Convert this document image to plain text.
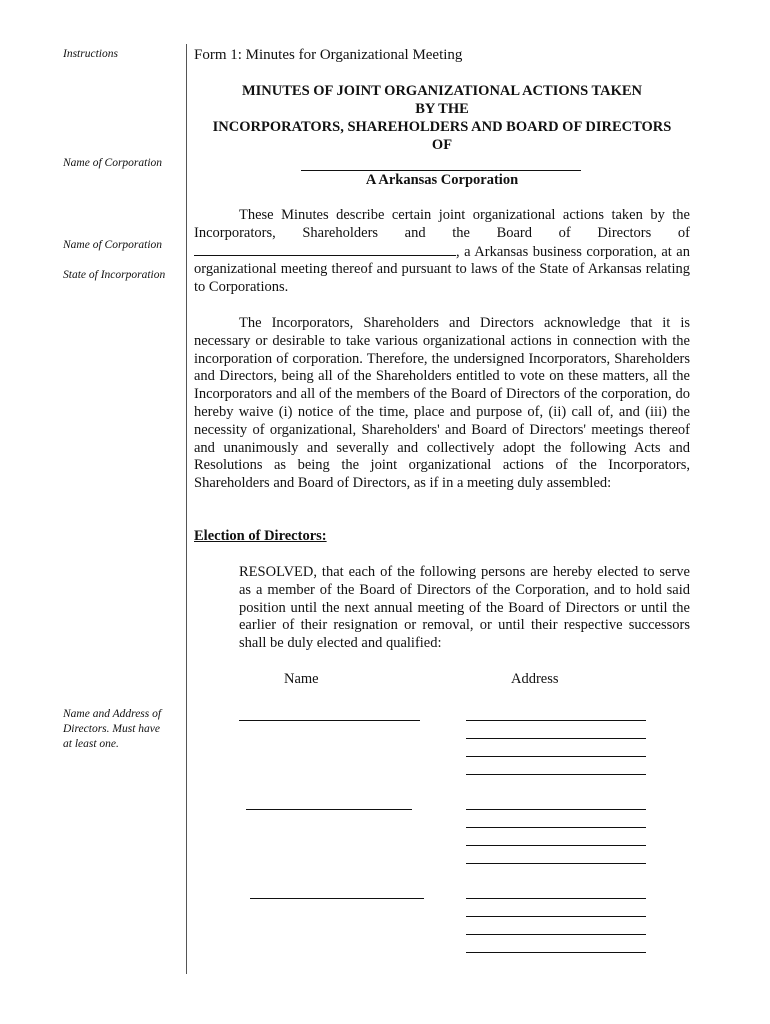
Instructions
Name of Corporation
Name of Corporation
State of Incorporation
Name and Address of
Directors. Must have
at least one.
Form 1: Minutes for Organizational Meeting
MINUTES OF JOINT ORGANIZATIONAL ACTIONS TAKEN
BY THE
INCORPORATORS, SHAREHOLDERS AND BOARD OF DIRECTORS
OF
A Arkansas Corporation
These Minutes describe certain joint organizational actions taken by the Incorporators, Shareholders and the Board of Directors of , a Arkansas business corporation, at an organizational meeting thereof and pursuant to laws of the State of Arkansas relating to Corporations.
The Incorporators, Shareholders and Directors acknowledge that it is necessary or desirable to take various organizational actions in connection with the incorporation of corporation. Therefore, the undersigned Incorporators, Shareholders and Directors, being all of the Shareholders entitled to vote on these matters, all the Incorporators and all of the members of the Board of Directors of the corporation, do hereby waive (i) notice of the time, place and purpose of, (ii) call of, and (iii) the necessity of organizational, Shareholders' and Board of Directors' meetings thereof and unanimously and severally and collectively adopt the following Acts and Resolutions as being the joint organizational actions of the Incorporators, Shareholders and Board of Directors, as if in a meeting duly assembled:
Election of Directors:
RESOLVED, that each of the following persons are hereby elected to serve as a member of the Board of Directors of the Corporation, and to hold said position until the next annual meeting of the Board of Directors or until the earlier of their resignation or removal, or until their respective successors shall be duly elected and qualified:
Name	Address
